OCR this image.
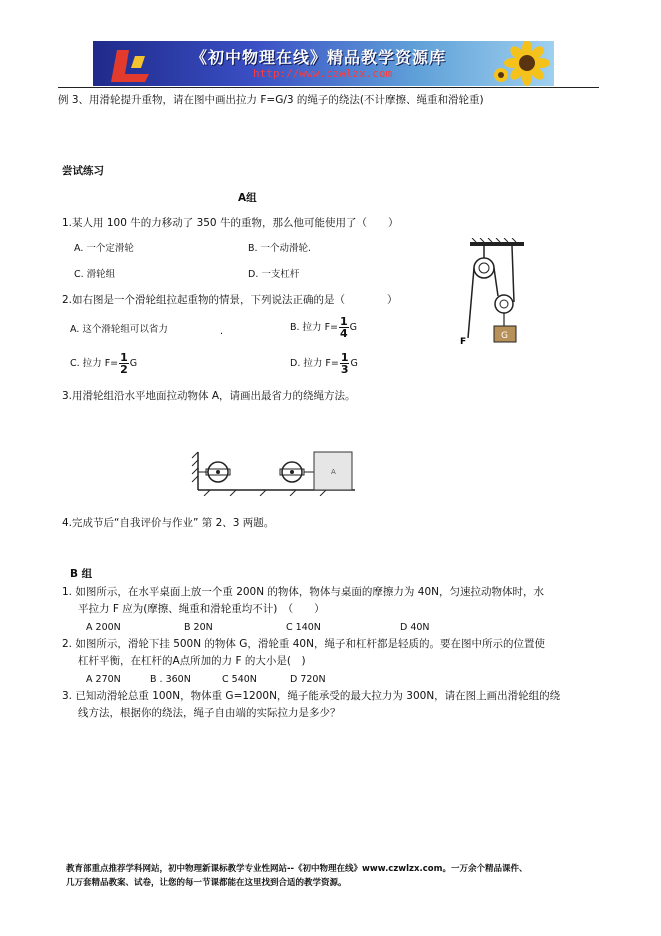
《初中物理在线》精品教学资源库
http://www.czwlzx.com
例 3、用滑轮提升重物，请在图中画出拉力 F=G/3 的绳子的绕法(不计摩擦、绳重和滑轮重)
尝试练习
A组
1.某人用 100 牛的力移动了 350 牛的重物，那么他可能使用了（　　）
A. 一个定滑轮	B. 一个动滑轮.
C. 滑轮组	D. 一支杠杆
2.如右图是一个滑轮组拉起重物的情景，下列说法正确的是（　　　　）
A. 这个滑轮组可以省力	.	B. 拉力 $F= \frac{1}{4}$ G
C. 拉力 $F= \frac{1}{2}$ G	D. 拉力 $F= \frac{1}{3}$ G
G
F
3.用滑轮组沿水平地面拉动物体 A，请画出最省力的绕绳方法。
A
4.完成节后“自我评价与作业” 第 2、3 两题。
B 组
1. 如图所示，在水平桌面上放一个重 200N 的物体，物体与桌面的摩擦力为 40N，匀速拉动物体时，水
平拉力 F 应为(摩擦、绳重和滑轮重均不计)　（　　）
A 200N	B 20N	C 140N	D 40N
2. 如图所示，滑轮下挂 500N 的物体 G，滑轮重 40N，绳子和杠杆都是轻质的。要在图中所示的位置使
杠杆平衡，在杠杆的A点所加的力 F 的大小是(　)
A 270N	B . 360N	C 540N	D 720N
3. 已知动滑轮总重 100N，物体重 G=1200N，绳子能承受的最大拉力为 300N，请在图上画出滑轮组的绕
线方法，根据你的绕法，绳子自由端的实际拉力是多少？
教育部重点推荐学科网站，初中物理新课标教学专业性网站--《初中物理在线》www.czwlzx.com。一万余个精品课件、
几万套精品教案、试卷，让您的每一节课都能在这里找到合适的教学资源。
